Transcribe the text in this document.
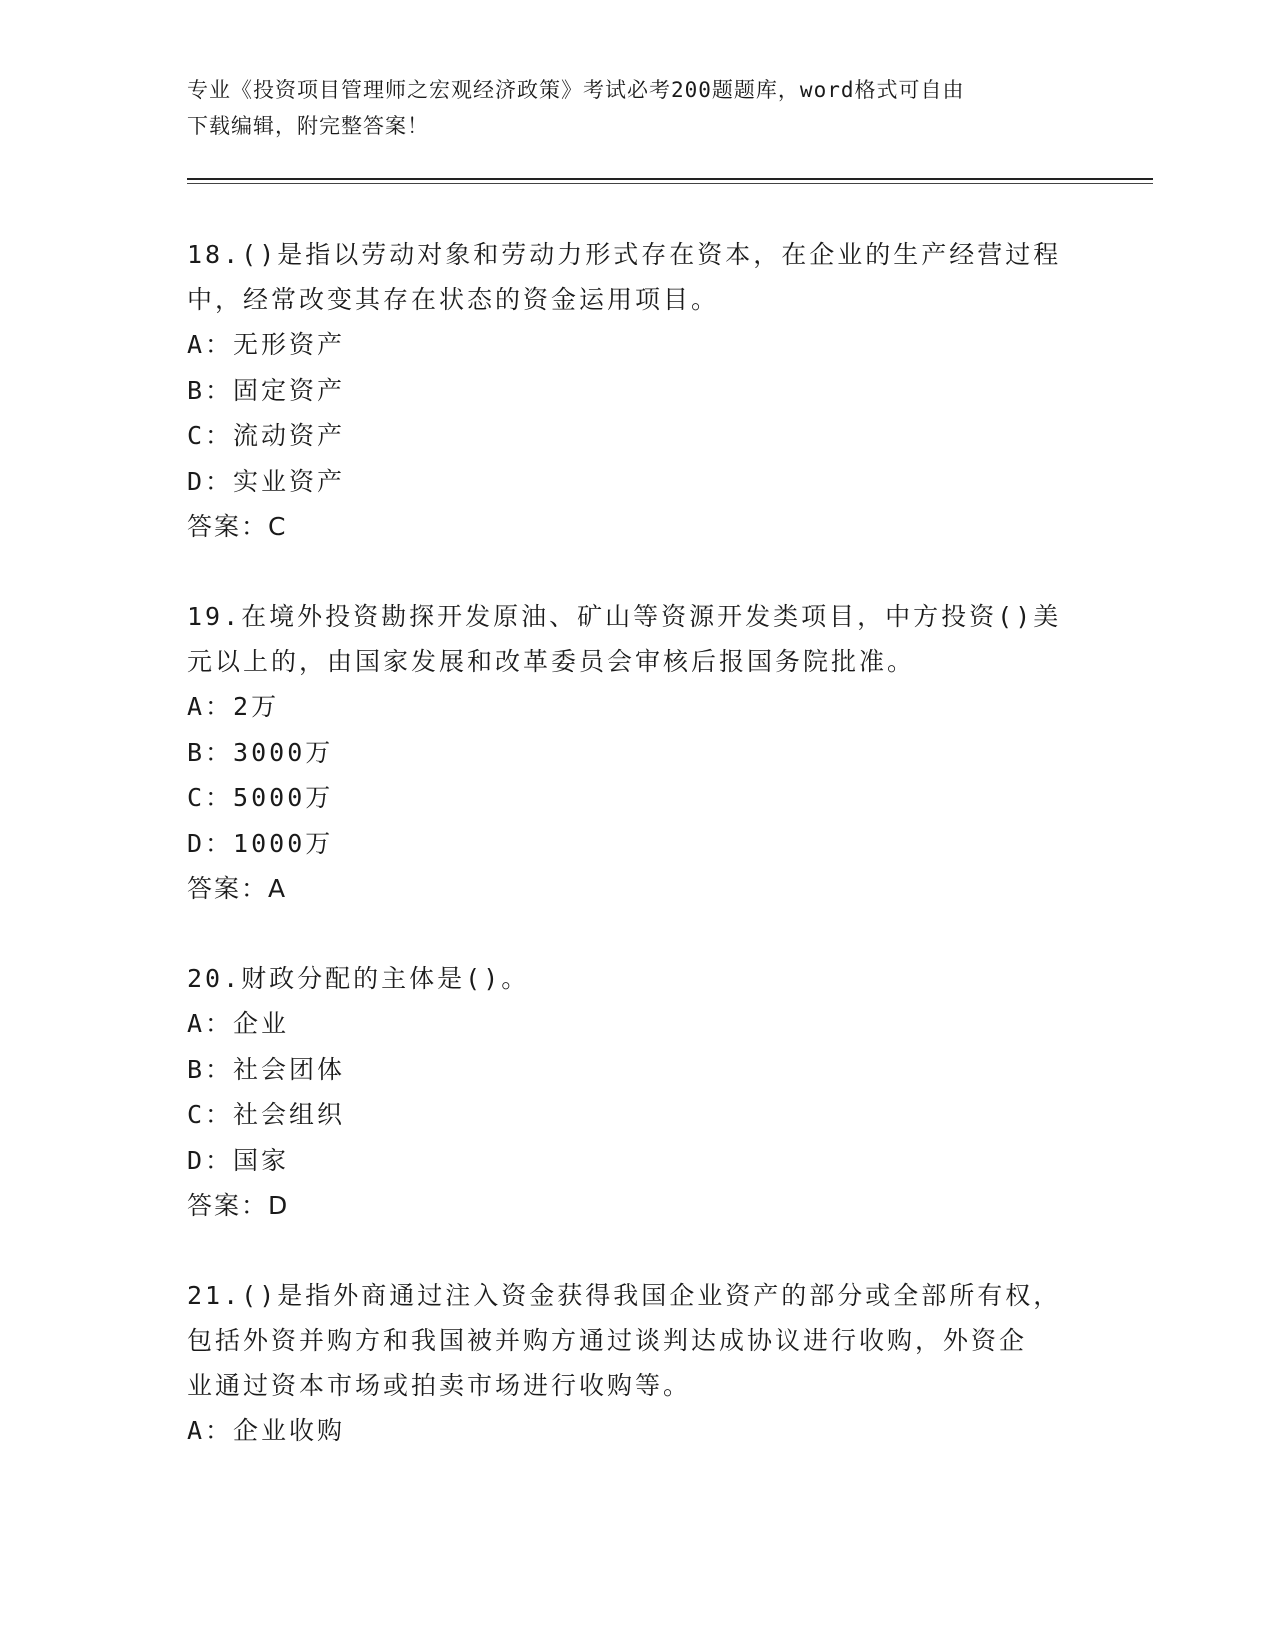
专业《投资项目管理师之宏观经济政策》考试必考200题题库，word格式可自由
下载编辑，附完整答案！

18.()是指以劳动对象和劳动力形式存在资本，在企业的生产经营过程

中，经常改变其存在状态的资金运用项目。

A：无形资产

B：固定资产

C：流动资产

D：实业资产

答案：C

19.在境外投资勘探开发原油、矿山等资源开发类项目，中方投资()美

元以上的，由国家发展和改革委员会审核后报国务院批准。

A：2万

B：3000万

C：5000万

D：1000万

答案：A

20.财政分配的主体是()。

A：企业

B：社会团体

C：社会组织

D：国家

答案：D

21.()是指外商通过注入资金获得我国企业资产的部分或全部所有权，

包括外资并购方和我国被并购方通过谈判达成协议进行收购，外资企

业通过资本市场或拍卖市场进行收购等。

A：企业收购
